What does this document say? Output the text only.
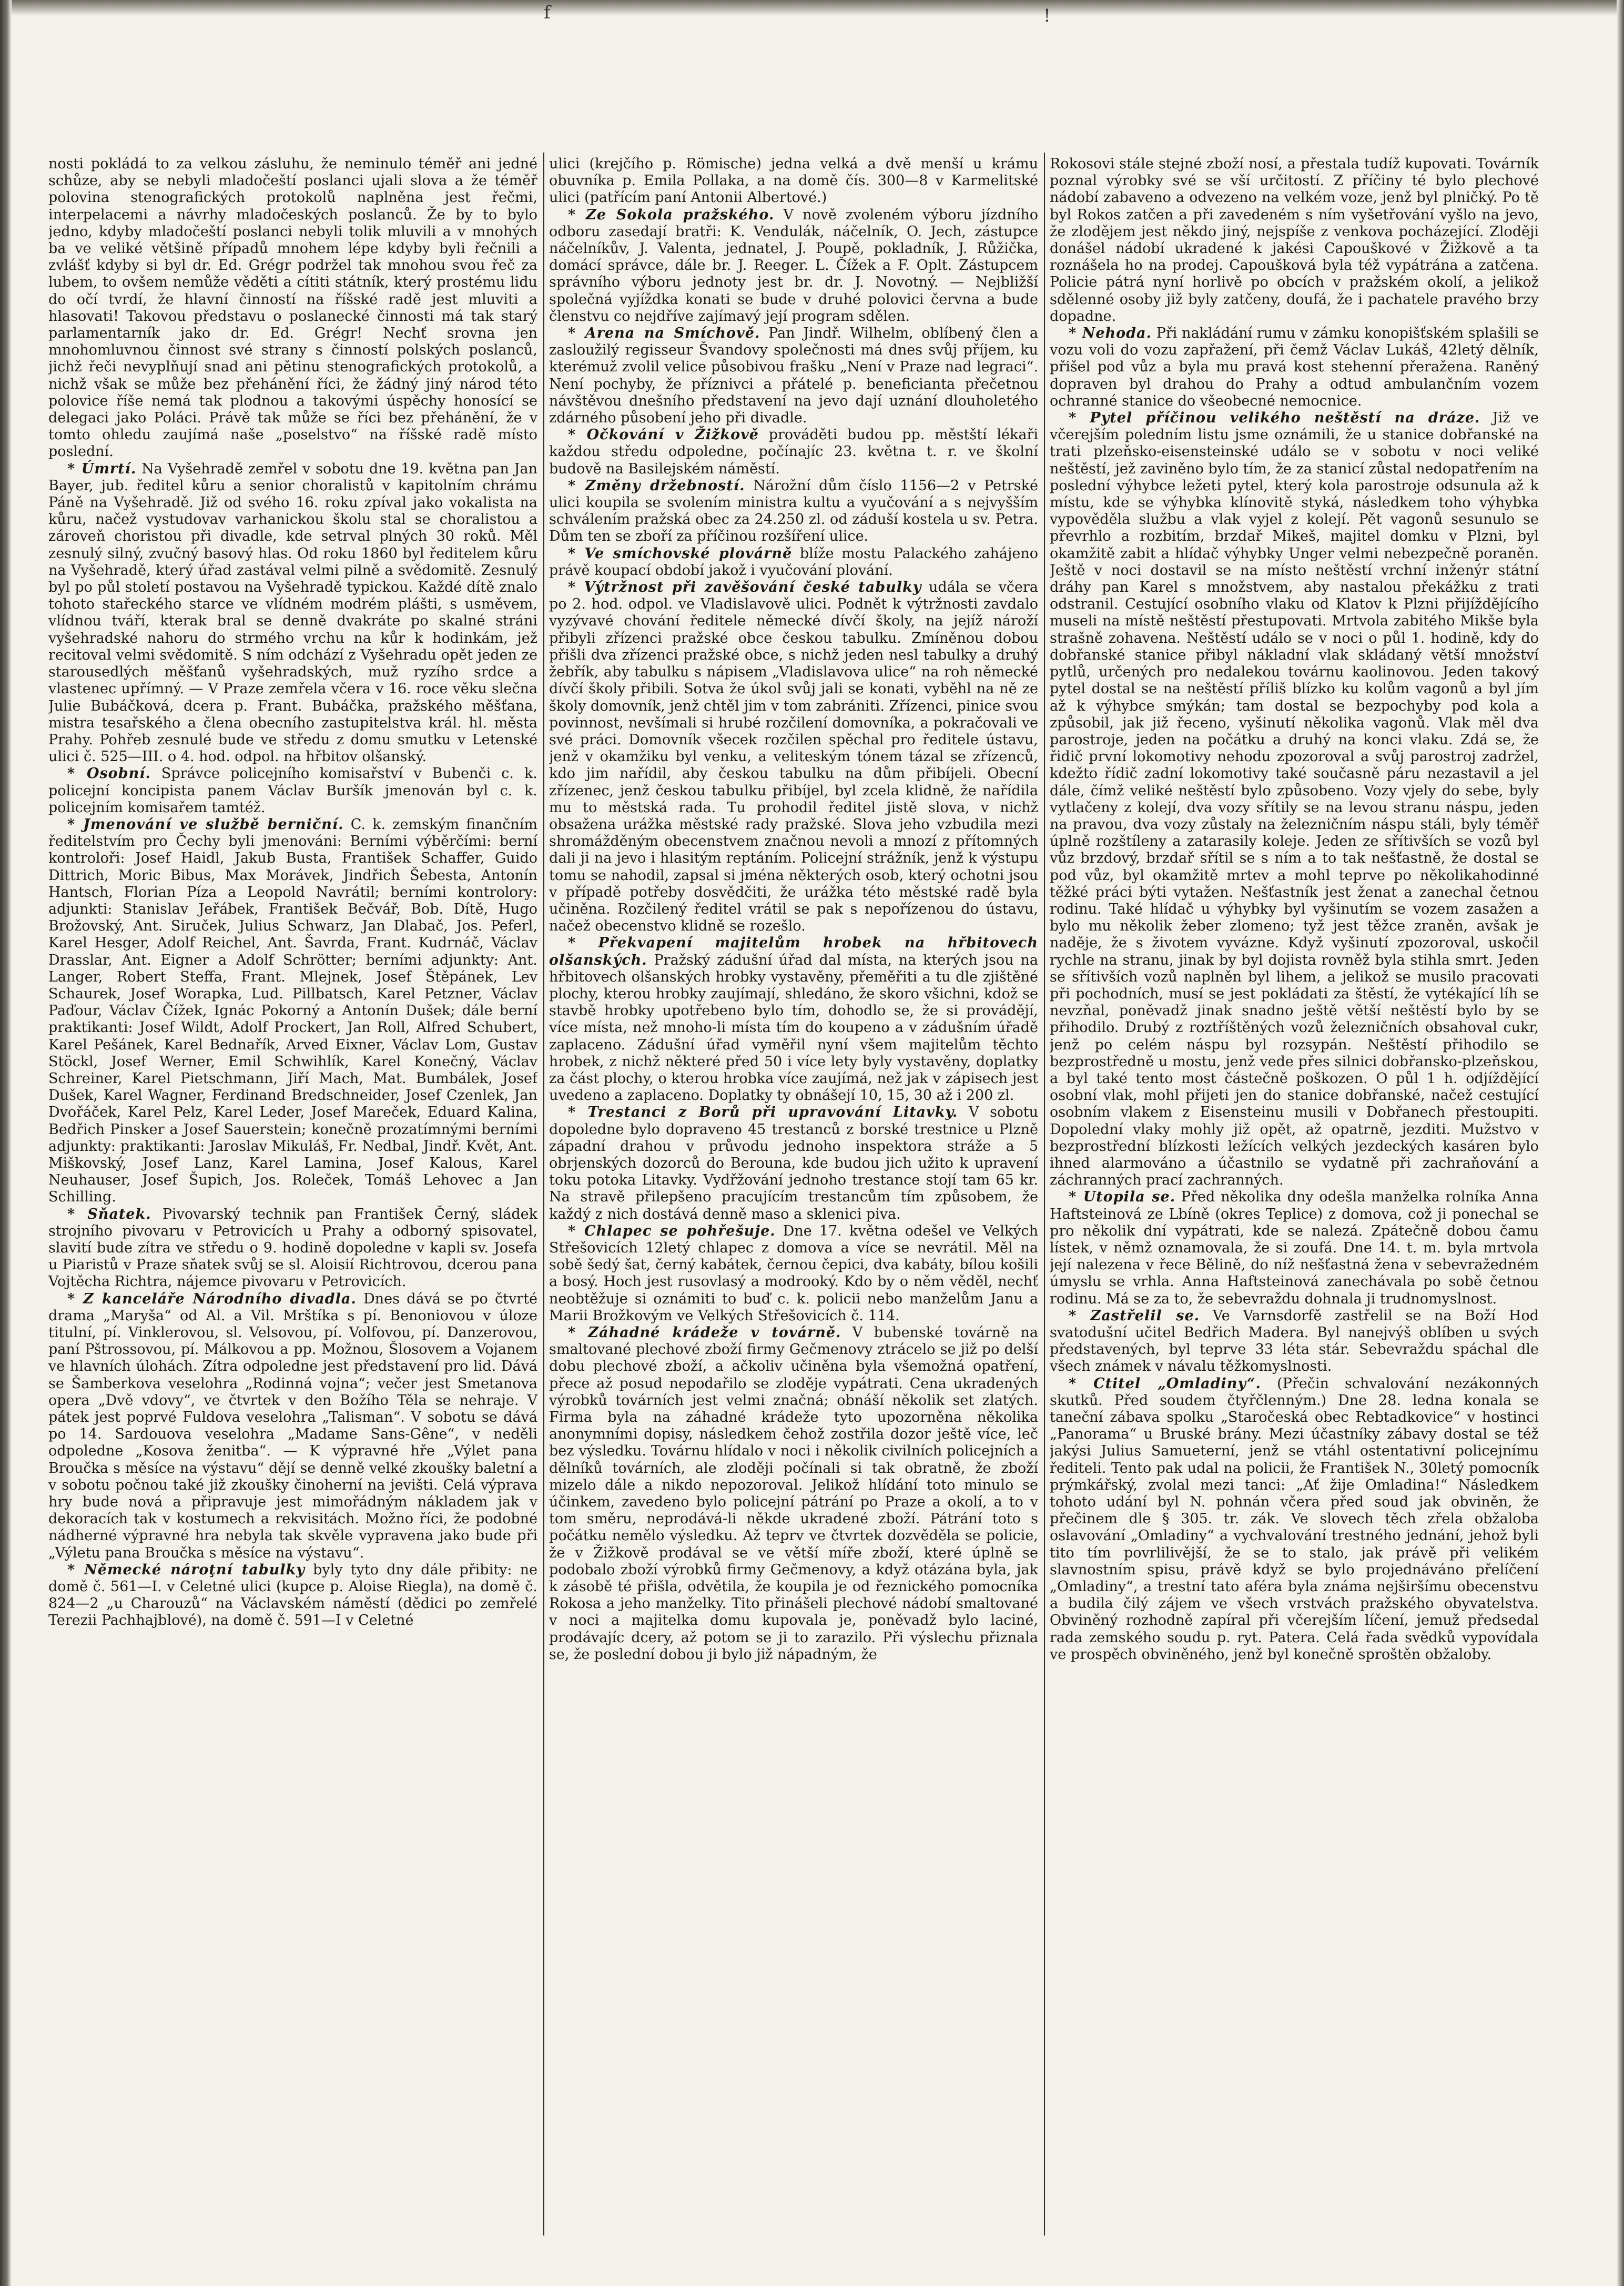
f	!

nosti pokládá to za velkou zásluhu, že neminulo téměř ani jedné schůze, aby se nebyli mladočeští poslanci ujali slova a že téměř polovina stenografických protokolů naplněna jest řečmi, interpelacemi a návrhy mladočeských poslanců. Že by to bylo jedno, kdyby mladočeští poslanci nebyli tolik mluvili a v mnohých ba ve veliké většině případů mnohem lépe kdyby byli řečnili a zvlášť kdyby si byl dr. Ed. Grégr podržel tak mnohou svou řeč za lubem, to ovšem nemůže věděti a cítiti státník, který prostému lidu do očí tvrdí, že hlavní činností na říšské radě jest mluviti a hlasovati! Takovou představu o poslanecké činnosti má tak starý parlamentarník jako dr. Ed. Grégr! Nechť srovna jen mnohomluvnou činnost své strany s činností polských poslanců, jichž řeči nevyplňují snad ani pětinu stenografických protokolů, a nichž však se může bez přehánění říci, že žádný jiný národ této polovice říše nemá tak plodnou a takovými úspěchy honosící se delegaci jako Poláci. Právě tak může se říci bez přehánění, že v tomto ohledu zaujímá naše „poselstvo“ na říšské radě místo poslední.

* Úmrtí. Na Vyšehradě zemřel v sobotu dne 19. května pan Jan Bayer, jub. ředitel kůru a senior choralistů v kapitolním chrámu Páně na Vyšehradě. Již od svého 16. roku zpíval jako vokalista na kůru, načež vystudovav varhanickou školu stal se choralistou a zároveň choristou při divadle, kde setrval plných 30 roků. Měl zesnulý silný, zvučný basový hlas. Od roku 1860 byl ředitelem kůru na Vyšehradě, který úřad zastával velmi pilně a svědomitě. Zesnulý byl po půl století postavou na Vyšehradě typickou. Každé dítě znalo tohoto stařeckého starce ve vlídném modrém plášti, s usměvem, vlídnou tváří, kterak bral se denně dvakráte po skalné stráni vyšehradské nahoru do strmého vrchu na kůr k hodinkám, jež recitoval velmi svědomitě. S ním odchází z Vyšehradu opět jeden ze starousedlých měšťanů vyšehradských, muž ryzího srdce a vlastenec upřímný. — V Praze zemřela včera v 16. roce věku slečna Julie Bubáčková, dcera p. Frant. Bubáčka, pražského měšťana, mistra tesařského a člena obecního zastupitelstva král. hl. města Prahy. Pohřeb zesnulé bude ve středu z domu smutku v Letenské ulici č. 525—III. o 4. hod. odpol. na hřbitov olšanský.

* Osobní. Správce policejního komisařství v Bubenči c. k. policejní koncipista panem Václav Buršík jmenován byl c. k. policejním komisařem tamtéž.

* Jmenování ve službě berniční. C. k. zemským finančním ředitelstvím pro Čechy byli jmenováni: Berními výběrčími: berní kontroloři: Josef Haidl, Jakub Busta, František Schaffer, Guido Dittrich, Moric Bibus, Max Morávek, Jindřich Šebesta, Antonín Hantsch, Florian Píza a Leopold Navrátil; berními kontrolory: adjunkti: Stanislav Jeřábek, František Bečvář, Bob. Dítě, Hugo Brožovský, Ant. Siruček, Julius Schwarz, Jan Dlabač, Jos. Peferl, Karel Hesger, Adolf Reichel, Ant. Šavrda, Frant. Kudrnáč, Václav Drasslar, Ant. Eigner a Adolf Schrötter; berními adjunkty: Ant. Langer, Robert Steffa, Frant. Mlejnek, Josef Štěpánek, Lev Schaurek, Josef Worapka, Lud. Pillbatsch, Karel Petzner, Václav Paďour, Václav Čížek, Ignác Pokorný a Antonín Dušek; dále berní praktikanti: Josef Wildt, Adolf Prockert, Jan Roll, Alfred Schubert, Karel Pešánek, Karel Bednařík, Arved Eixner, Václav Lom, Gustav Stöckl, Josef Werner, Emil Schwihlík, Karel Konečný, Václav Schreiner, Karel Pietschmann, Jiří Mach, Mat. Bumbálek, Josef Dušek, Karel Wagner, Ferdinand Bredschneider, Josef Czenlek, Jan Dvořáček, Karel Pelz, Karel Leder, Josef Mareček, Eduard Kalina, Bedřich Pinsker a Josef Sauerstein; konečně prozatímnými berními adjunkty: praktikanti: Jaroslav Mikuláš, Fr. Nedbal, Jindř. Květ, Ant. Miškovský, Josef Lanz, Karel Lamina, Josef Kalous, Karel Neuhauser, Josef Šupich, Jos. Roleček, Tomáš Lehovec a Jan Schilling.

* Sňatek. Pivovarský technik pan František Černý, sládek strojního pivovaru v Petrovicích u Prahy a odborný spisovatel, slavití bude zítra ve středu o 9. hodině dopoledne v kapli sv. Josefa u Piaristů v Praze sňatek svůj se sl. Aloisií Richtrovou, dcerou pana Vojtěcha Richtra, nájemce pivovaru v Petrovicích.

* Z kanceláře Národního divadla. Dnes dává se po čtvrté drama „Maryša“ od Al. a Vil. Mrštíka s pí. Benoniovou v úloze titulní, pí. Vinklerovou, sl. Velsovou, pí. Volfovou, pí. Danzerovou, paní Pštrossovou, pí. Málkovou a pp. Možnou, Šlosovem a Vojanem ve hlavních úlohách. Zítra odpoledne jest představení pro lid. Dává se Šamberkova veselohra „Rodinná vojna“; večer jest Smetanova opera „Dvě vdovy“, ve čtvrtek v den Božího Těla se nehraje. V pátek jest poprvé Fuldova veselohra „Talisman“. V sobotu se dává po 14. Sardouova veselohra „Madame Sans-Gêne“, v neděli odpoledne „Kosova ženitba“. — K výpravné hře „Výlet pana Broučka s měsíce na výstavu“ dějí se denně velké zkoušky baletní a v sobotu počnou také již zkoušky činoherní na jevišti. Celá výprava hry bude nová a připravuje jest mimořádným nákladem jak v dekoracích tak v kostumech a rekvisitách. Možno říci, že podobné nádherné výpravné hra nebyla tak skvěle vypravena jako bude při „Výletu pana Broučka s měsíce na výstavu“.

* Německé nároţní tabulky byly tyto dny dále přibity: ne domě č. 561—I. v Celetné ulici (kupce p. Aloise Riegla), na domě č. 824—2 „u Charouzů“ na Václavském náměstí (dědici po zemřelé Terezii Pachhajblové), na domě č. 591—I v Celetné

ulici (krejčího p. Römische) jedna velká a dvě menší u krámu obuvníka p. Emila Pollaka, a na domě čís. 300—8 v Karmelitské ulici (patřícím paní Antonii Albertové.)

* Ze Sokola pražského. V nově zvoleném výboru jízdního odboru zasedají bratři: K. Vendulák, náčelník, O. Jech, zástupce náčelníkův, J. Valenta, jednatel, J. Poupě, pokladník, J. Růžička, domácí správce, dále br. J. Reeger. L. Čížek a F. Oplt. Zástupcem správního výboru jednoty jest br. dr. J. Novotný. — Nejbližší společná vyjíždka konati se bude v druhé polovici června a bude členstvu co nejdříve zajímavý její program sdělen.

* Arena na Smíchově. Pan Jindř. Wilhelm, oblíbený člen a zasloužilý regisseur Švandovy společnosti má dnes svůj příjem, ku kterémuž zvolil velice působivou frašku „Není v Praze nad legraci“. Není pochyby, že příznivci a přátelé p. beneficianta přečetnou návštěvou dnešního představení na jevo dají uznání dlouholetého zdárného působení jeho při divadle.

* Očkování v Žižkově prováděti budou pp. městští lékaři každou středu odpoledne, počínajíc 23. května t. r. ve školní budově na Basilejském náměstí.

* Změny držebností. Nárožní dům číslo 1156—2 v Petrské ulici koupila se svolením ministra kultu a vyučování a s nejvyšším schválením pražská obec za 24.250 zl. od záduší kostela u sv. Petra. Dům ten se zboří za příčinou rozšíření ulice.

* Ve smíchovské plovárně blíže mostu Palackého zahájeno právě koupací období jakož i vyučování plování.

* Výtržnost při zavěšování české tabulky udála se včera po 2. hod. odpol. ve Vladislavově ulici. Podnět k výtržnosti zavdalo vyzývavé chování ředitele německé dívčí školy, na jejíž nároží přibyli zřízenci pražské obce českou tabulku. Zmíněnou dobou přišli dva zřízenci pražské obce, s nichž jeden nesl tabulky a druhý žebřík, aby tabulku s nápisem „Vladislavova ulice“ na roh německé dívčí školy přibili. Sotva že úkol svůj jali se konati, vyběhl na ně ze školy domovník, jenž chtěl jim v tom zabrániti. Zřízenci, pinice svou povinnost, nevšímali si hrubé rozčilení domovníka, a pokračovali ve své práci. Domovník všecek rozčilen spěchal pro ředitele ústavu, jenž v okamžiku byl venku, a veliteským tónem tázal se zřízenců, kdo jim nařídil, aby českou tabulku na dům přibíjeli. Obecní zřízenec, jenž českou tabulku přibíjel, byl zcela klidně, že nařídila mu to městská rada. Tu prohodil ředitel jistě slova, v nichž obsažena urážka městské rady pražské. Slova jeho vzbudila mezi shromážděným obecenstvem značnou nevoli a mnozí z přítomných dali ji na jevo i hlasitým reptáním. Policejní strážník, jenž k výstupu tomu se nahodil, zapsal si jména některých osob, který ochotni jsou v případě potřeby dosvědčiti, že urážka této městské radě byla učiněna. Rozčilený ředitel vrátil se pak s nepořízenou do ústavu, načež obecenstvo klidně se rozešlo.

* Překvapení majitelům hrobek na hřbitovech olšanských. Pražský zádušní úřad dal místa, na kterých jsou na hřbitovech olšanských hrobky vystavěny, přeměřiti a tu dle zjištěné plochy, kterou hrobky zaujímají, shledáno, že skoro všichni, kdož se stavbě hrobky upotřebeno bylo tím, dohodlo se, že si provádějí, více místa, než mnoho-li místa tím do koupeno a v zádušním úřadě zaplaceno. Zádušní úřad vyměřil nyní všem majitelům těchto hrobek, z nichž některé před 50 i více lety byly vystavěny, doplatky za část plochy, o kterou hrobka více zaujímá, než jak v zápisech jest uvedeno a zaplaceno. Doplatky ty obnášejí 10, 15, 30 až i 200 zl.

* Trestanci z Borů při upravování Litavky. V sobotu dopoledne bylo dopraveno 45 trestanců z borské trestnice u Plzně západní drahou v průvodu jednoho inspektora stráže a 5 obrjenských dozorců do Berouna, kde budou jich užito k upravení toku potoka Litavky. Vydřžování jednoho trestance stojí tam 65 kr. Na stravě přilepšeno pracujícím trestancům tím způsobem, že každý z nich dostává denně maso a sklenici piva.

* Chlapec se pohřešuje. Dne 17. května odešel ve Velkých Střešovicích 12letý chlapec z domova a více se nevrátil. Měl na sobě šedý šat, černý kabátek, černou čepici, dva kabáty, bílou košili a bosý. Hoch jest rusovlasý a modrooký. Kdo by o něm věděl, nechť neobtěžuje si oznámiti to buď c. k. policii nebo manželům Janu a Marii Brožkovým ve Velkých Střešovicích č. 114.

* Záhadné krádeže v továrně. V bubenské továrně na smaltované plechové zboží firmy Gečmenovy ztrácelo se již po delší dobu plechové zboží, a ačkoliv učiněna byla všemožná opatření, přece až posud nepodařilo se zloděje vypátrati. Cena ukradených výrobků továrních jest velmi značná; obnáší několik set zlatých. Firma byla na záhadné krádeže tyto upozorněna několika anonymními dopisy, následkem čehož zostřila dozor ještě více, leč bez výsledku. Továrnu hlídalo v noci i několik civilních policejních a dělníků továrních, ale zloději počínali si tak obratně, že zboží mizelo dále a nikdo nepozoroval. Jelikož hlídání toto minulo se účinkem, zavedeno bylo policejní pátrání po Praze a okolí, a to v tom směru, neprodává-li někde ukradené zboží. Pátrání toto s počátku nemělo výsledku. Až teprv ve čtvrtek dozvěděla se policie, že v Žižkově prodával se ve větší míře zboží, které úplně se podobalo zboží výrobků firmy Gečmenovy, a když otázána byla, jak k zásobě té přišla, odvětila, že koupila je od řeznického pomocníka Rokosa a jeho manželky. Tito přinášeli plechové nádobí smaltované v noci a majitelka domu kupovala je, poněvadž bylo laciné, prodávajíc dcery, až potom se ji to zarazilo. Při výslechu přiznala se, že poslední dobou ji bylo již nápadným, že

Rokosovi stále stejné zboží nosí, a přestala tudíž kupovati. Továrník poznal výrobky své se vší určitostí. Z příčiny té bylo plechové nádobí zabaveno a odvezeno na velkém voze, jenž byl plničký. Po tě byl Rokos zatčen a při zavedeném s ním vyšetřování vyšlo na jevo, že zlodějem jest někdo jiný, nejspíše z venkova pocházející. Zloději donášel nádobí ukradené k jakési Capouškové v Žižkově a ta roznášela ho na prodej. Capoušková byla též vypátrána a zatčena. Policie pátrá nyní horlivě po obcích v pražském okolí, a jelikož sdělenné osoby již byly zatčeny, doufá, že i pachatele pravého brzy dopadne.

* Nehoda. Při nakládání rumu v zámku konopišťském splašili se vozu voli do vozu zapřažení, při čemž Václav Lukáš, 42letý dělník, přišel pod vůz a byla mu pravá kost stehenní přeražena. Raněný dopraven byl drahou do Prahy a odtud ambulančním vozem ochranné stanice do všeobecné nemocnice.

* Pytel příčinou velikého neštěstí na dráze. Již ve včerejším poledním listu jsme oznámili, že u stanice dobřanské na trati plzeňsko-eisensteinské událo se v sobotu v noci veliké neštěstí, jež zaviněno bylo tím, že za stanicí zůstal nedopatřením na poslední výhybce ležeti pytel, který kola parostroje odsunula až k místu, kde se výhybka klínovitě styká, následkem toho výhybka vypověděla službu a vlak vyjel z kolejí. Pět vagonů sesunulo se převrhlo a rozbitím, brzdař Mikeš, majitel domku v Plzni, byl okamžitě zabit a hlídač výhybky Unger velmi nebezpečně poraněn. Ještě v noci dostavil se na místo neštěstí vrchní inženýr státní dráhy pan Karel s množstvem, aby nastalou překážku z trati odstranil. Cestující osobního vlaku od Klatov k Plzni přijíždějícího museli na místě neštěstí přestupovati. Mrtvola zabitého Mikše byla strašně zohavena. Neštěstí událo se v noci o půl 1. hodině, kdy do dobřanské stanice přibyl nákladní vlak skládaný větší množství pytlů, určených pro nedalekou továrnu kaolinovou. Jeden takový pytel dostal se na neštěstí příliš blízko ku kolům vagonů a byl jím až k výhybce smýkán; tam dostal se bezpochyby pod kola a způsobil, jak již řeceno, vyšinutí několika vagonů. Vlak měl dva parostroje, jeden na počátku a druhý na konci vlaku. Zdá se, že řidič první lokomotivy nehodu zpozoroval a svůj parostroj zadržel, kdežto řídič zadní lokomotivy také současně páru nezastavil a jel dále, čímž veliké neštěstí bylo způsobeno. Vozy vjely do sebe, byly vytlačeny z kolejí, dva vozy sřítily se na levou stranu náspu, jeden na pravou, dva vozy zůstaly na železničním náspu stáli, byly téměř úplně rozštíleny a zatarasily koleje. Jeden ze sřítivších se vozů byl vůz brzdový, brzdař sřítil se s ním a to tak nešťastně, že dostal se pod vůz, byl okamžitě mrtev a mohl teprve po několikahodinné těžké práci býti vytažen. Nešťastník jest ženat a zanechal četnou rodinu. Také hlídač u výhybky byl vyšinutím se vozem zasažen a bylo mu několik žeber zlomeno; tyž jest těžce zraněn, avšak je naděje, že s životem vyvázne. Když vyšinutí zpozoroval, uskočil rychle na stranu, jinak by byl dojista rovněž byla stihla smrt. Jeden se sřítivších vozů naplněn byl lihem, a jelikož se musilo pracovati při pochodních, musí se jest pokládati za štěstí, že vytékající líh se nevzňal, poněvadž jinak snadno ještě větší neštěstí bylo by se přihodilo. Drubý z roztříštěných vozů železničních obsahoval cukr, jenž po celém náspu byl rozsypán. Neštěstí přihodilo se bezprostředně u mostu, jenž vede přes silnici dobřansko-plzeňskou, a byl také tento most částečně poškozen. O půl 1 h. odjíždějící osobní vlak, mohl přijeti jen do stanice dobřanské, načež cestující osobním vlakem z Eisensteinu musili v Dobřanech přestoupiti. Dopolední vlaky mohly již opět, až opatrně, jezditi. Mužstvo v bezprostřední blízkosti ležících velkých jezdeckých kasáren bylo ihned alarmováno a účastnilo se vydatně při zachraňování a záchranných prací zachranných.

* Utopila se. Před několika dny odešla manželka rolníka Anna Haftsteinová ze Lbíně (okres Teplice) z domova, což ji ponechal se pro několik dní vypátrati, kde se nalezá. Zpátečně dobou čamu lístek, v němž oznamovala, že si zoufá. Dne 14. t. m. byla mrtvola její nalezena v řece Bělině, do níž nešťastná žena v sebevražedném úmyslu se vrhla. Anna Haftsteinová zanechávala po sobě četnou rodinu. Má se za to, že sebevraždu dohnala ji trudnomyslnost.

* Zastřelil se. Ve Varnsdorfě zastřelil se na Boží Hod svatodušní učitel Bedřich Madera. Byl nanejvýš oblíben u svých představených, byl teprve 33 léta stár. Sebevraždu spáchal dle všech známek v návalu těžkomyslnosti.

* Ctitel „Omladiny“. (Přečin schvalování nezákonných skutků. Před soudem čtyřčlenným.) Dne 28. ledna konala se taneční zábava spolku „Staročeská obec Rebtadkovice“ v hostinci „Panorama“ u Bruské brány. Mezi účastníky zábavy dostal se též jakýsi Julius Samueterní, jenž se vtáhl ostentativní policejnímu řediteli. Tento pak udal na policii, že František N., 30letý pomocník prýmkářský, zvolal mezi tanci: „Ať žije Omladina!“ Následkem tohoto udání byl N. pohnán včera před soud jak obviněn, že přečinem dle § 305. tr. zák. Ve slovech těch zřela obžaloba oslavování „Omladiny“ a vychvalování trestného jednání, jehož byli tito tím povrlilivější, že se to stalo, jak právě při velikém slavnostním spisu, právě když se bylo projednáváno přelíčení „Omladiny“, a trestní tato aféra byla známa nejširšímu obecenstvu a budila čilý zájem ve všech vrstvách pražského obyvatelstva. Obviněný rozhodně zapíral při včerejším líčení, jemuž předsedal rada zemského soudu p. ryt. Patera. Celá řada svědků vypovídala ve prospěch obviněného, jenž byl konečně sproštěn obžaloby.
